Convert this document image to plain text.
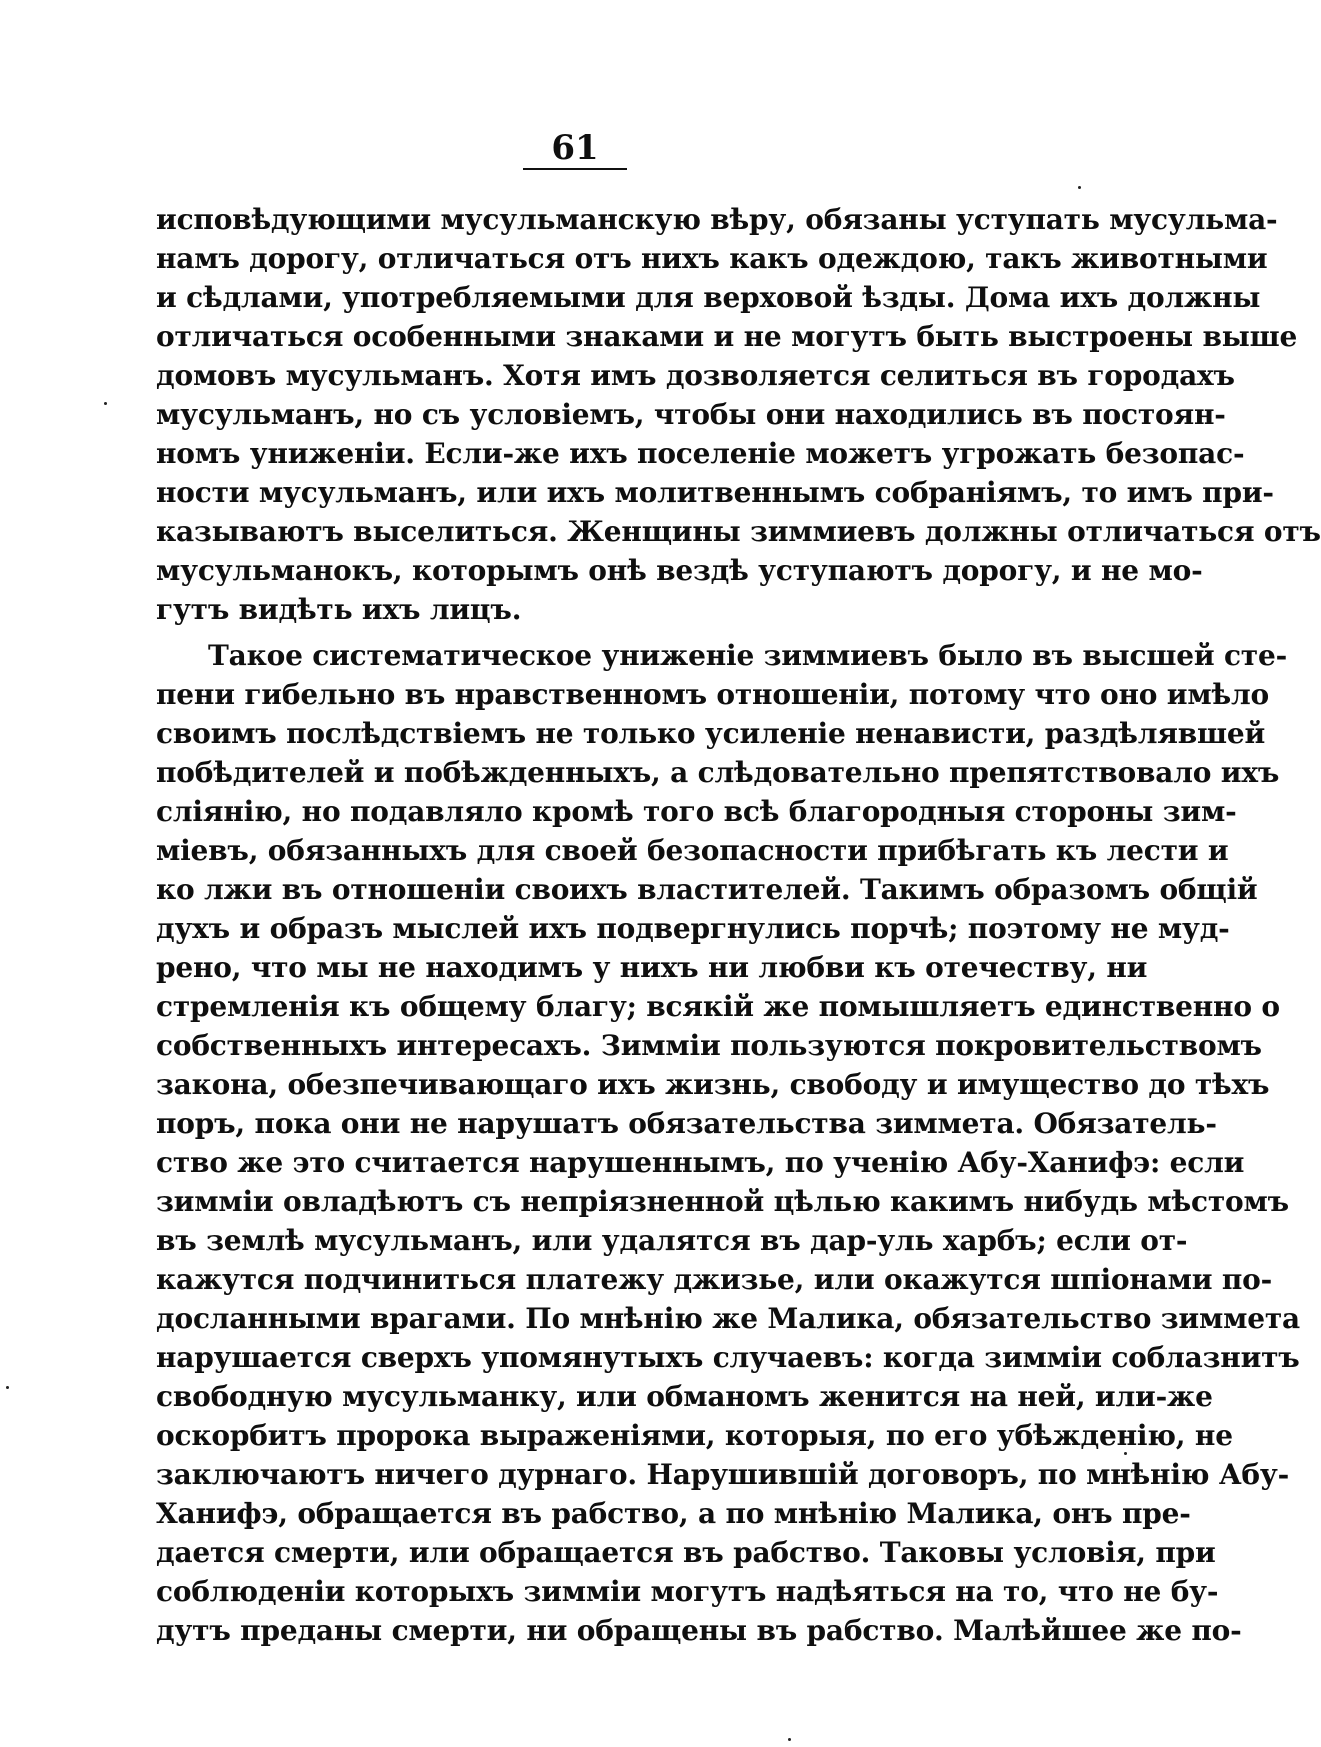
61
исповѣдующими мусульманскую вѣру, обязаны уступать мусульма-
намъ дорогу, отличаться отъ нихъ какъ одеждою, такъ животными
и сѣдлами, употребляемыми для верховой ѣзды. Дома ихъ должны
отличаться особенными знаками и не могутъ быть выстроены выше
домовъ мусульманъ. Хотя имъ дозволяется селиться въ городахъ
мусульманъ, но съ условіемъ, чтобы они находились въ постоян-
номъ униженіи. Если-же ихъ поселеніе можетъ угрожать безопас-
ности мусульманъ, или ихъ молитвеннымъ собраніямъ, то имъ при-
казываютъ выселиться. Женщины зиммиевъ должны отличаться отъ
мусульманокъ, которымъ онѣ вездѣ уступаютъ дорогу, и не мо-
гутъ видѣть ихъ лицъ.
Такое систематическое униженіе зиммиевъ было въ высшей сте-
пени гибельно въ нравственномъ отношеніи, потому что оно имѣло
своимъ послѣдствіемъ не только усиленіе ненависти, раздѣлявшей
побѣдителей и побѣжденныхъ, а слѣдовательно препятствовало ихъ
сліянію, но подавляло кромѣ того всѣ благородныя стороны зим-
міевъ, обязанныхъ для своей безопасности прибѣгать къ лести и
ко лжи въ отношеніи своихъ властителей. Такимъ образомъ общій
духъ и образъ мыслей ихъ подвергнулись порчѣ; поэтому не муд-
рено, что мы не находимъ у нихъ ни любви къ отечеству, ни
стремленія къ общему благу; всякій же помышляетъ единственно о
собственныхъ интересахъ. Зиммiи пользуются покровительствомъ
закона, обезпечивающаго ихъ жизнь, свободу и имущество до тѣхъ
поръ, пока они не нарушатъ обязательства зиммета. Обязатель-
ство же это считается нарушеннымъ, по ученію Абу-Ханифэ: если
зиммiи овладѣютъ съ непріязненной цѣлью какимъ нибудь мѣстомъ
въ землѣ мусульманъ, или удалятся въ дар-уль харбъ; если от-
кажутся подчиниться платежу джизье, или окажутся шпіонами по-
досланными врагами. По мнѣнію же Малика, обязательство зиммета
нарушается сверхъ упомянутыхъ случаевъ: когда зиммiи соблазнитъ
свободную мусульманку, или обманомъ женится на ней, или-же
оскорбитъ пророка выраженіями, которыя, по его убѣжденію, не
заключаютъ ничего дурнаго. Нарушившій договоръ, по мнѣнію Абу-
Ханифэ, обращается въ рабство, а по мнѣнію Малика, онъ пре-
дается смерти, или обращается въ рабство. Таковы условія, при
соблюденіи которыхъ зиммiи могутъ надѣяться на то, что не бу-
дутъ преданы смерти, ни обращены въ рабство. Малѣйшее же по-
